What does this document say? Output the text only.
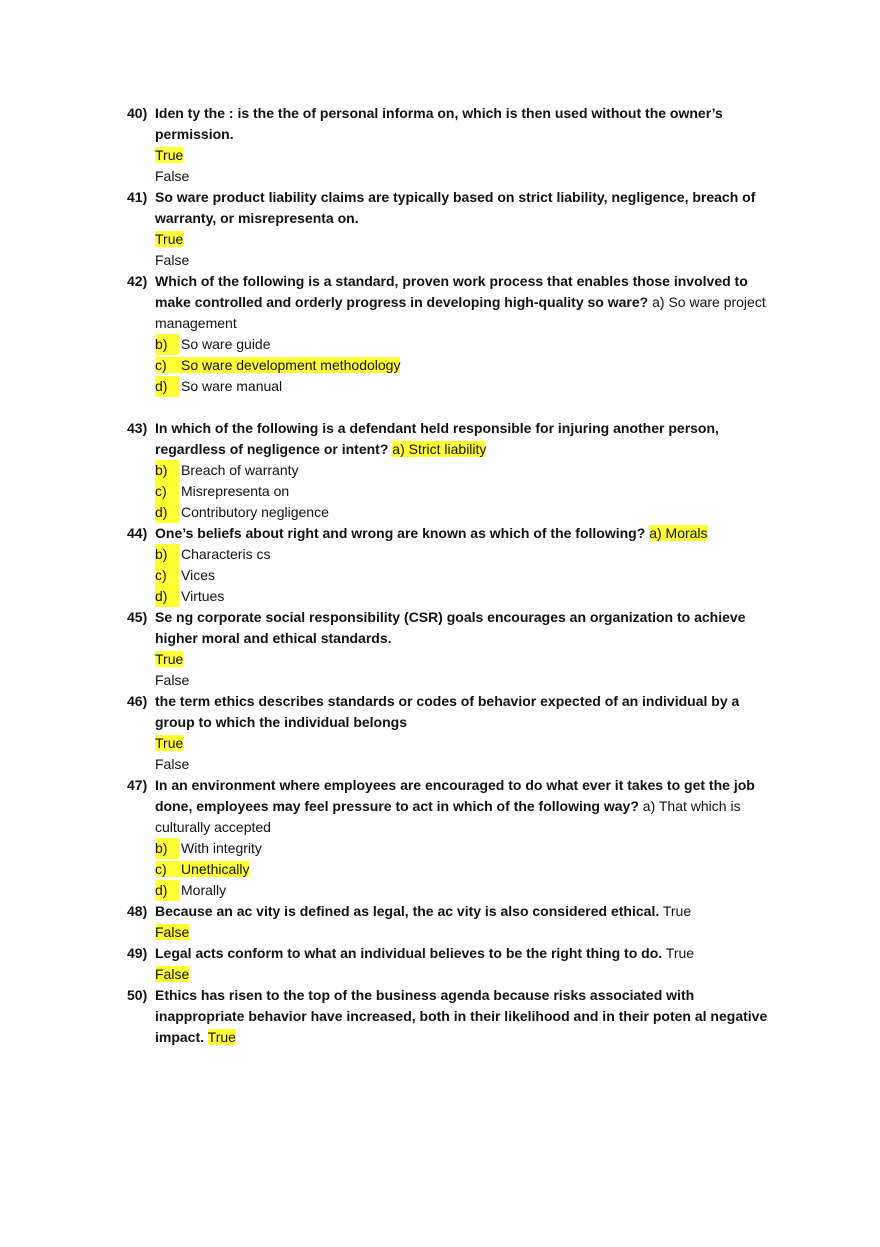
40) Iden ty the : is the the of personal informa on, which is then used without the owner’s permission.
True
False
41) So ware product liability claims are typically based on strict liability, negligence, breach of warranty, or misrepresenta on.
True
False
42) Which of the following is a standard, proven work process that enables those involved to make controlled and orderly progress in developing high-quality so ware? a) So ware project management
b) So ware guide
c) So ware development methodology
d) So ware manual
43) In which of the following is a defendant held responsible for injuring another person, regardless of negligence or intent? a) Strict liability
b) Breach of warranty
c) Misrepresenta on
d) Contributory negligence
44) One’s beliefs about right and wrong are known as which of the following? a) Morals
b) Characteris cs
c) Vices
d) Virtues
45) Se ng corporate social responsibility (CSR) goals encourages an organization to achieve higher moral and ethical standards.
True
False
46) the term ethics describes standards or codes of behavior expected of an individual by a group to which the individual belongs
True
False
47) In an environment where employees are encouraged to do what ever it takes to get the job done, employees may feel pressure to act in which of the following way? a) That which is culturally accepted
b) With integrity
c) Unethically
d) Morally
48) Because an ac vity is defined as legal, the ac vity is also considered ethical. True
False
49) Legal acts conform to what an individual believes to be the right thing to do. True
False
50) Ethics has risen to the top of the business agenda because risks associated with inappropriate behavior have increased, both in their likelihood and in their poten al negative impact. True
